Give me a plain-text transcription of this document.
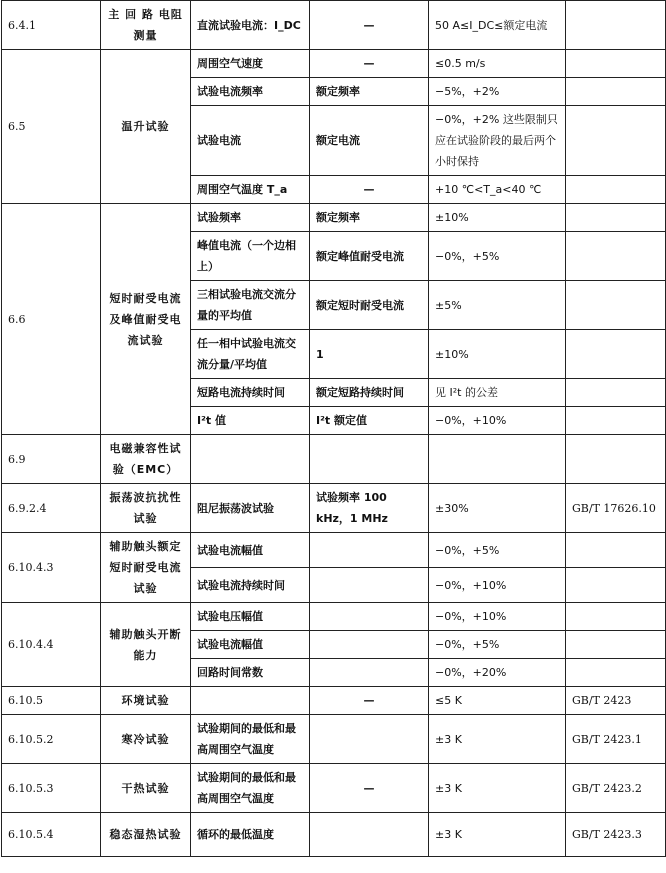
6.4.1	主 回 路 电阻测量	直流试验电流：I_DC	—	50 A≤I_DC≤额定电流	
6.5	温升试验	周围空气速度	—	≤0.5 m/s	
		试验电流频率	额定频率	−5%，+2%	
		试验电流	额定电流	−0%，+2% 这些限制只应在试验阶段的最后两个小时保持	
		周围空气温度 T_a	—	+10 ℃<T_a<40 ℃	
6.6	短时耐受电流及峰值耐受电流试验	试验频率	额定频率	±10%	
		峰值电流（一个边相上）	额定峰值耐受电流	−0%，+5%	
		三相试验电流交流分量的平均值	额定短时耐受电流	±5%	
		任一相中试验电流交流分量/平均值	1	±10%	
		短路电流持续时间	额定短路持续时间	见 I²t 的公差	
		I²t 值	I²t 额定值	−0%，+10%	
6.9	电磁兼容性试验（EMC）				
6.9.2.4	振荡波抗扰性试验	阻尼振荡波试验	试验频率 100 kHz，1 MHz	±30%	GB/T 17626.10
6.10.4.3	辅助触头额定短时耐受电流试验	试验电流幅值		−0%，+5%	
		试验电流持续时间		−0%，+10%	
6.10.4.4	辅助触头开断能力	试验电压幅值		−0%，+10%	
		试验电流幅值		−0%，+5%	
		回路时间常数		−0%，+20%	
6.10.5	环境试验		—	≤5 K	GB/T 2423
6.10.5.2	寒冷试验	试验期间的最低和最高周围空气温度		±3 K	GB/T 2423.1
6.10.5.3	干热试验	试验期间的最低和最高周围空气温度	—	±3 K	GB/T 2423.2
6.10.5.4	稳态湿热试验	循环的最低温度		±3 K	GB/T 2423.3
